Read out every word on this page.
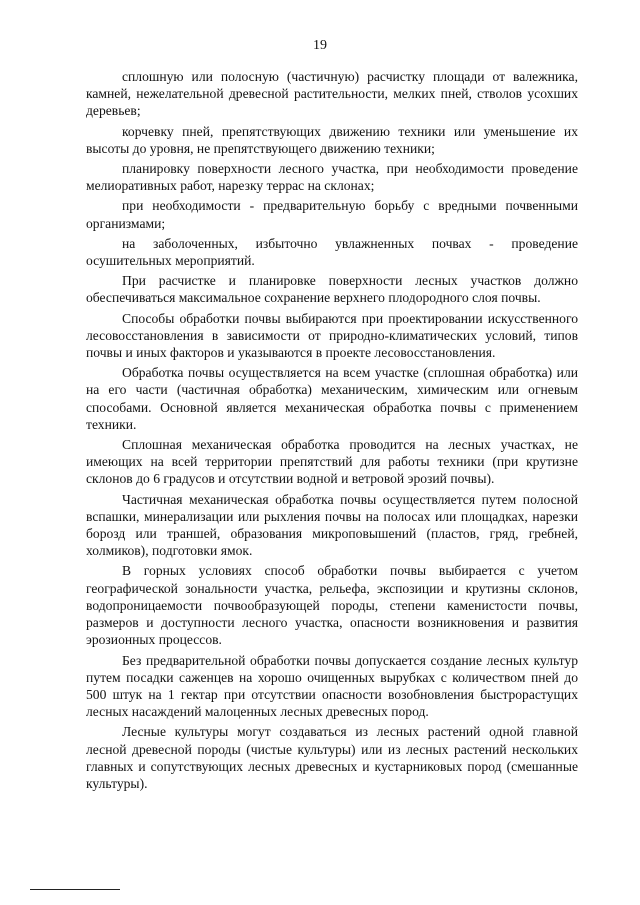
19

сплошную или полосную (частичную) расчистку площади от валежника, камней, нежелательной древесной растительности, мелких пней, стволов усохших деревьев;

корчевку пней, препятствующих движению техники или уменьшение их высоты до уровня, не препятствующего движению техники;

планировку поверхности лесного участка, при необходимости проведение мелиоративных работ, нарезку террас на склонах;

при необходимости - предварительную борьбу с вредными почвенными организмами;

на заболоченных, избыточно увлажненных почвах - проведение осушительных мероприятий.

При расчистке и планировке поверхности лесных участков должно обеспечиваться максимальное сохранение верхнего плодородного слоя почвы.

Способы обработки почвы выбираются при проектировании искусственного лесовосстановления в зависимости от природно-климатических условий, типов почвы и иных факторов и указываются в проекте лесовосстановления.

Обработка почвы осуществляется на всем участке (сплошная обработка) или на его части (частичная обработка) механическим, химическим или огневым способами. Основной является механическая обработка почвы с применением техники.

Сплошная механическая обработка проводится на лесных участках, не имеющих на всей территории препятствий для работы техники (при крутизне склонов до 6 градусов и отсутствии водной и ветровой эрозий почвы).

Частичная механическая обработка почвы осуществляется путем полосной вспашки, минерализации или рыхления почвы на полосах или площадках, нарезки борозд или траншей, образования микроповышений (пластов, гряд, гребней, холмиков), подготовки ямок.

В горных условиях способ обработки почвы выбирается с учетом географической зональности участка, рельефа, экспозиции и крутизны склонов, водопроницаемости почвообразующей породы, степени каменистости почвы, размеров и доступности лесного участка, опасности возникновения и развития эрозионных процессов.

Без предварительной обработки почвы допускается создание лесных культур путем посадки саженцев на хорошо очищенных вырубках с количеством пней до 500 штук на 1 гектар при отсутствии опасности возобновления быстрорастущих лесных насаждений малоценных лесных древесных пород.

Лесные культуры могут создаваться из лесных растений одной главной лесной древесной породы (чистые культуры) или из лесных растений нескольких главных и сопутствующих лесных древесных и кустарниковых пород (смешанные культуры).
